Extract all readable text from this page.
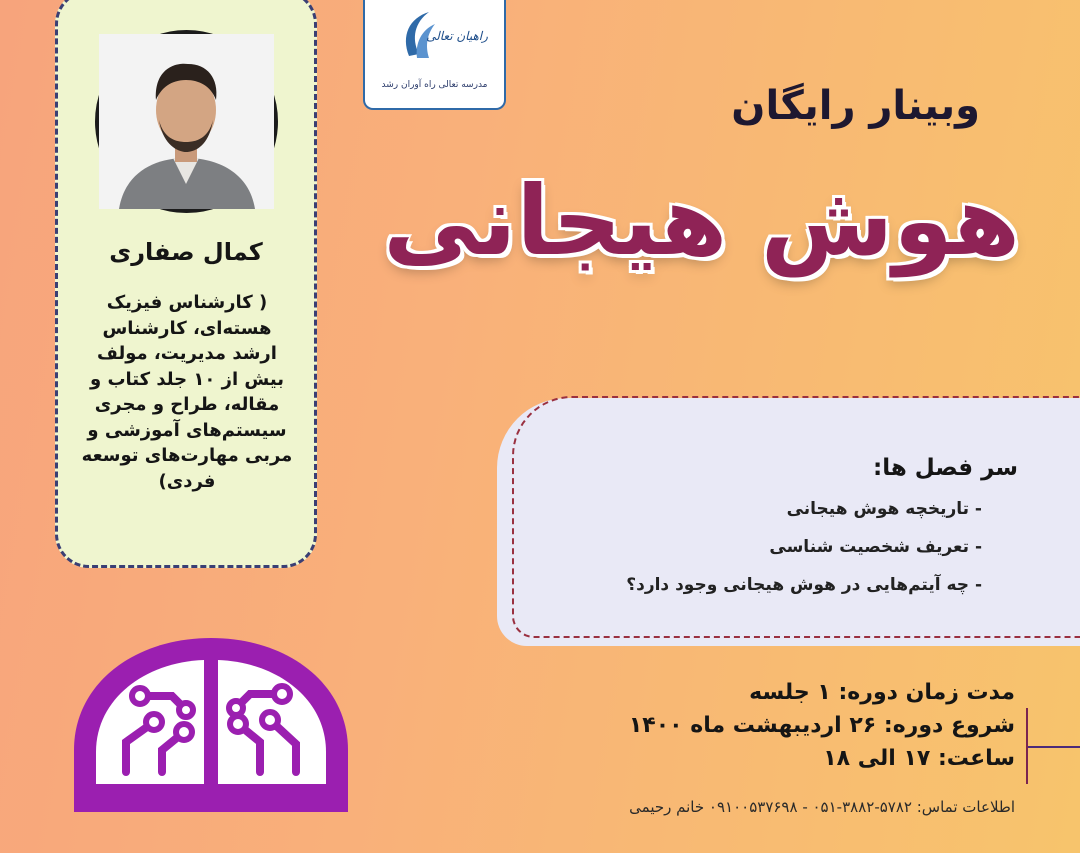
راهیان تعالی
مدرسه تعالی راه آوران رشد	وبینار رایگان
هوش هیجانی
کمال صفاری
( کارشناس فیزیک
هسته‌ای، کارشناس
ارشد مدیریت، مولف
بیش از ۱۰ جلد کتاب و
مقاله، طراح و مجری
سیستم‌های آموزشی و
مربی مهارت‌های توسعه
فردی)	سر فصل ها:
- تاریخچه هوش هیجانی
- تعریف شخصیت شناسی
- چه آیتم‌هایی در هوش هیجانی وجود دارد؟
مدت زمان دوره: ۱ جلسه
شروع دوره: ۲۶ اردیبهشت ماه ۱۴۰۰
ساعت: ۱۷ الی ۱۸
اطلاعات تماس: ۵۷۸۲-۳۸۸۲-۰۵۱ - ۰۹۱۰۰۵۳۷۶۹۸ خانم رحیمی
